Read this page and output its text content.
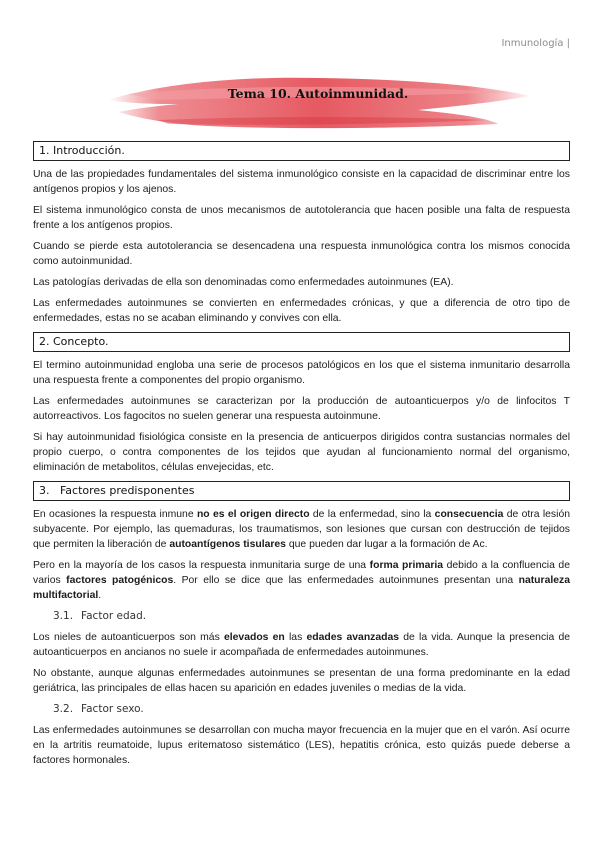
Inmunología |
Tema 10. Autoinmunidad.
1. Introducción.

Una de las propiedades fundamentales del sistema inmunológico consiste en la capacidad de discriminar entre los antígenos propios y los ajenos.

El sistema inmunológico consta de unos mecanismos de autotolerancia que hacen posible una falta de respuesta frente a los antígenos propios.

Cuando se pierde esta autotolerancia se desencadena una respuesta inmunológica contra los mismos conocida como autoinmunidad.

Las patologías derivadas de ella son denominadas como enfermedades autoinmunes (EA).

Las enfermedades autoinmunes se convierten en enfermedades crónicas, y que a diferencia de otro tipo de enfermedades, estas no se acaban eliminando y convives con ella.

2. Concepto.

El termino autoinmunidad engloba una serie de procesos patológicos en los que el sistema inmunitario desarrolla una respuesta frente a componentes del propio organismo.

Las enfermedades autoinmunes se caracterizan por la producción de autoanticuerpos y/o de linfocitos T autorreactivos. Los fagocitos no suelen generar una respuesta autoinmune.

Si hay autoinmunidad fisiológica consiste en la presencia de anticuerpos dirigidos contra sustancias normales del propio cuerpo, o contra componentes de los tejidos que ayudan al funcionamiento normal del organismo, eliminación de metabolitos, células envejecidas, etc.

3.   Factores predisponentes

En ocasiones la respuesta inmune no es el origen directo de la enfermedad, sino la consecuencia de otra lesión subyacente. Por ejemplo, las quemaduras, los traumatismos, son lesiones que cursan con destrucción de tejidos que permiten la liberación de autoantígenos tisulares que pueden dar lugar a la formación de Ac.

Pero en la mayoría de los casos la respuesta inmunitaria surge de una forma primaria debido a la confluencia de varios factores patogénicos. Por ello se dice que las enfermedades autoinmunes presentan una naturaleza multifactorial.

3.1. Factor edad.

Los nieles de autoanticuerpos son más elevados en las edades avanzadas de la vida. Aunque la presencia de autoanticuerpos en ancianos no suele ir acompañada de enfermedades autoinmunes.

No obstante, aunque algunas enfermedades autoinmunes se presentan de una forma predominante en la edad geriátrica, las principales de ellas hacen su aparición en edades juveniles o medias de la vida.

3.2. Factor sexo.

Las enfermedades autoinmunes se desarrollan con mucha mayor frecuencia en la mujer que en el varón. Así ocurre en la artritis reumatoide, lupus eritematoso sistemático (LES), hepatitis crónica, esto quizás puede deberse a factores hormonales.
